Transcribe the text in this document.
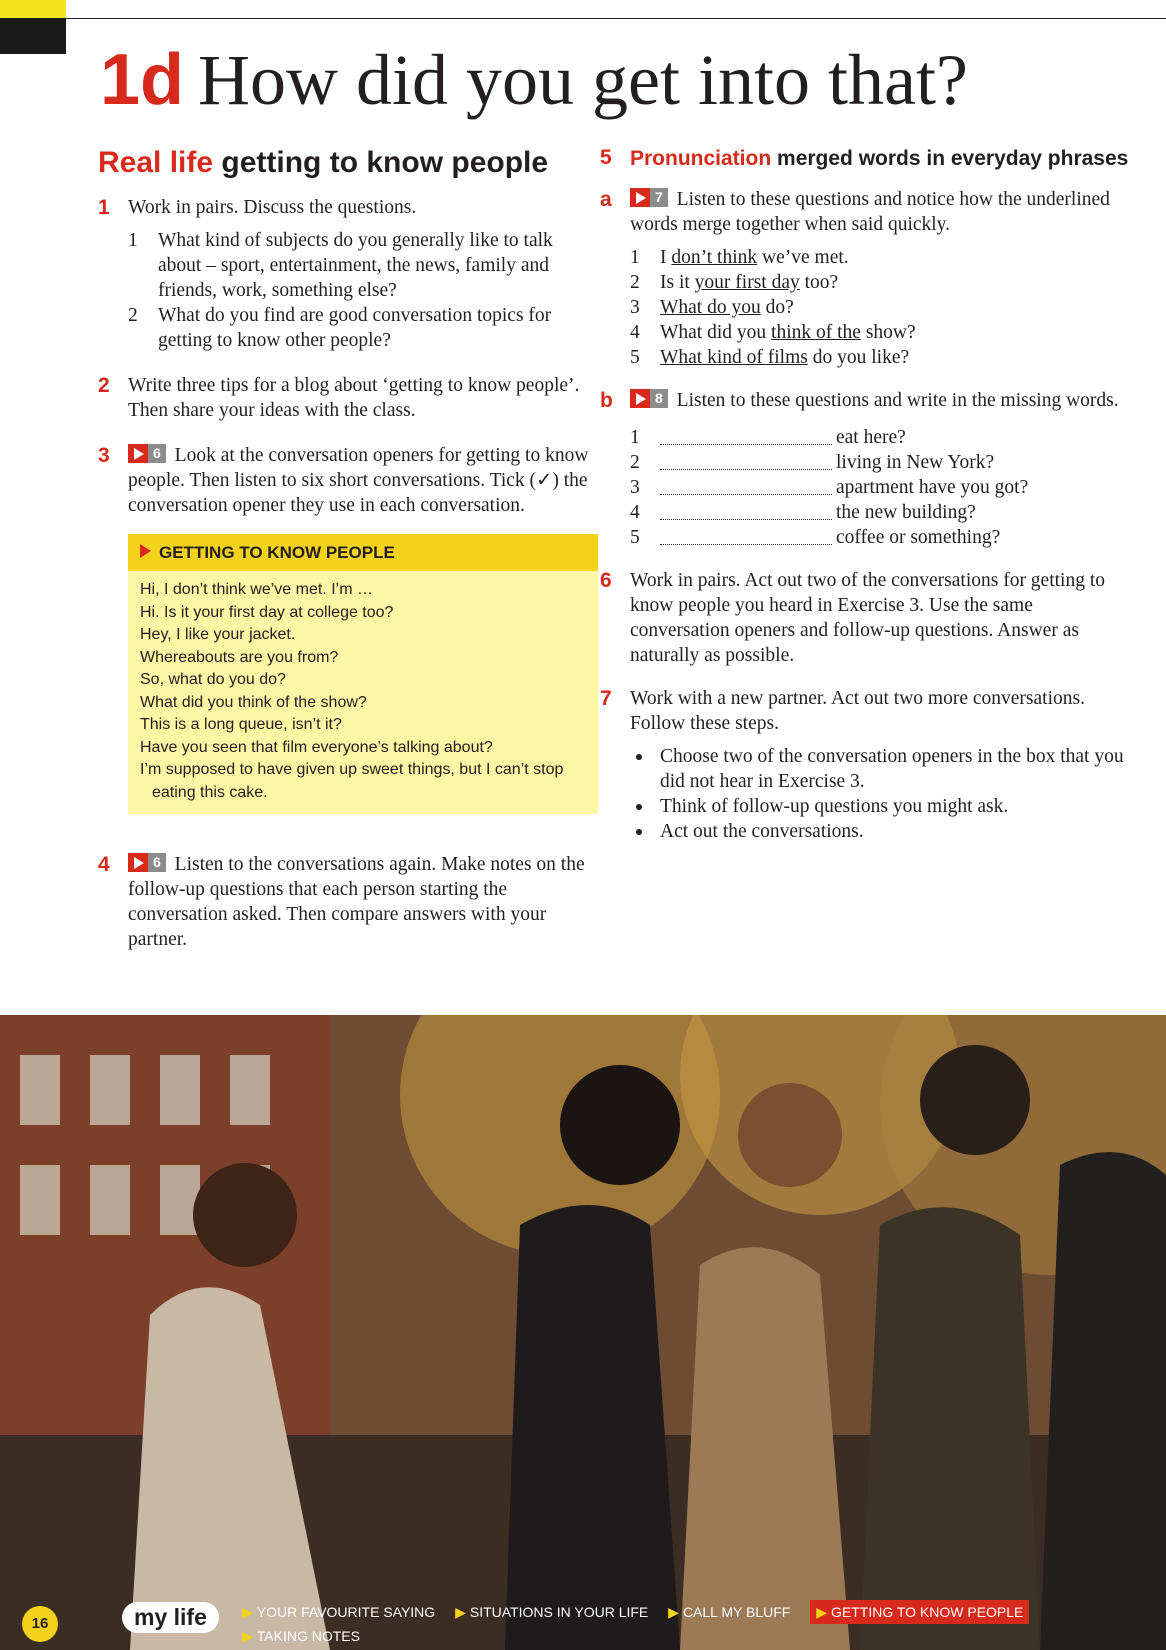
1d How did you get into that?
Real life getting to know people
1 Work in pairs. Discuss the questions.
1 What kind of subjects do you generally like to talk about – sport, entertainment, the news, family and friends, work, something else?
2 What do you find are good conversation topics for getting to know other people?
2 Write three tips for a blog about ‘getting to know people’. Then share your ideas with the class.
3	6 Look at the conversation openers for getting to know people. Then listen to six short conversations. Tick (✓) the conversation opener they use in each conversation.
GETTING TO KNOW PEOPLE
Hi, I don’t think we’ve met. I’m …
Hi. Is it your first day at college too?
Hey, I like your jacket.
Whereabouts are you from?
So, what do you do?
What did you think of the show?
This is a long queue, isn’t it?
Have you seen that film everyone’s talking about?
I’m supposed to have given up sweet things, but I can’t stop eating this cake.
4	6 Listen to the conversations again. Make notes on the follow-up questions that each person starting the conversation asked. Then compare answers with your partner.
5 Pronunciation merged words in everyday phrases
a	7 Listen to these questions and notice how the underlined words merge together when said quickly.
1 I don’t think we’ve met.
2 Is it your first day too?
3 What do you do?
4 What did you think of the show?
5 What kind of films do you like?
b	8 Listen to these questions and write in the missing words.
1	eat here?
2	living in New York?
3	apartment have you got?
4	the new building?
5	coffee or something?
6 Work in pairs. Act out two of the conversations for getting to know people you heard in Exercise 3. Use the same conversation openers and follow-up questions. Answer as naturally as possible.
7 Work with a new partner. Act out two more conversations. Follow these steps.
Choose two of the conversation openers in the box that you did not hear in Exercise 3.
Think of follow-up questions you might ask.
Act out the conversations.
16	my life	▶ YOUR FAVOURITE SAYING ▶ SITUATIONS IN YOUR LIFE ▶ CALL MY BLUFF ▶ GETTING TO KNOW PEOPLE
▶ TAKING NOTES
